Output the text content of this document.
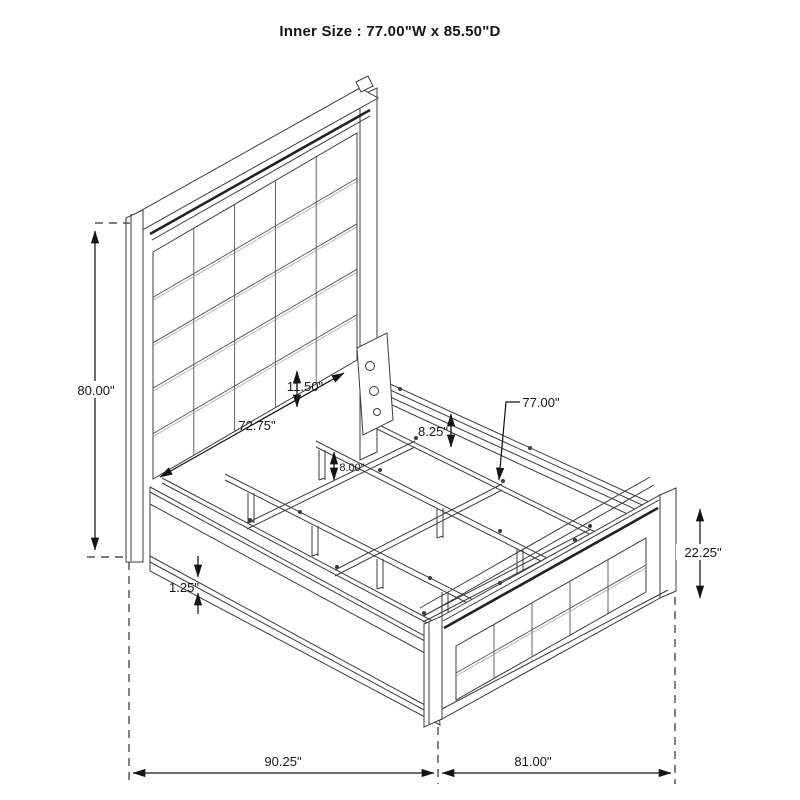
Inner Size : 77.00"W x 85.50"D
80.00"	11.50"
72.75"	8.25"
8.00"
77.00"
22.25"
1.25"
90.25"	81.00"
